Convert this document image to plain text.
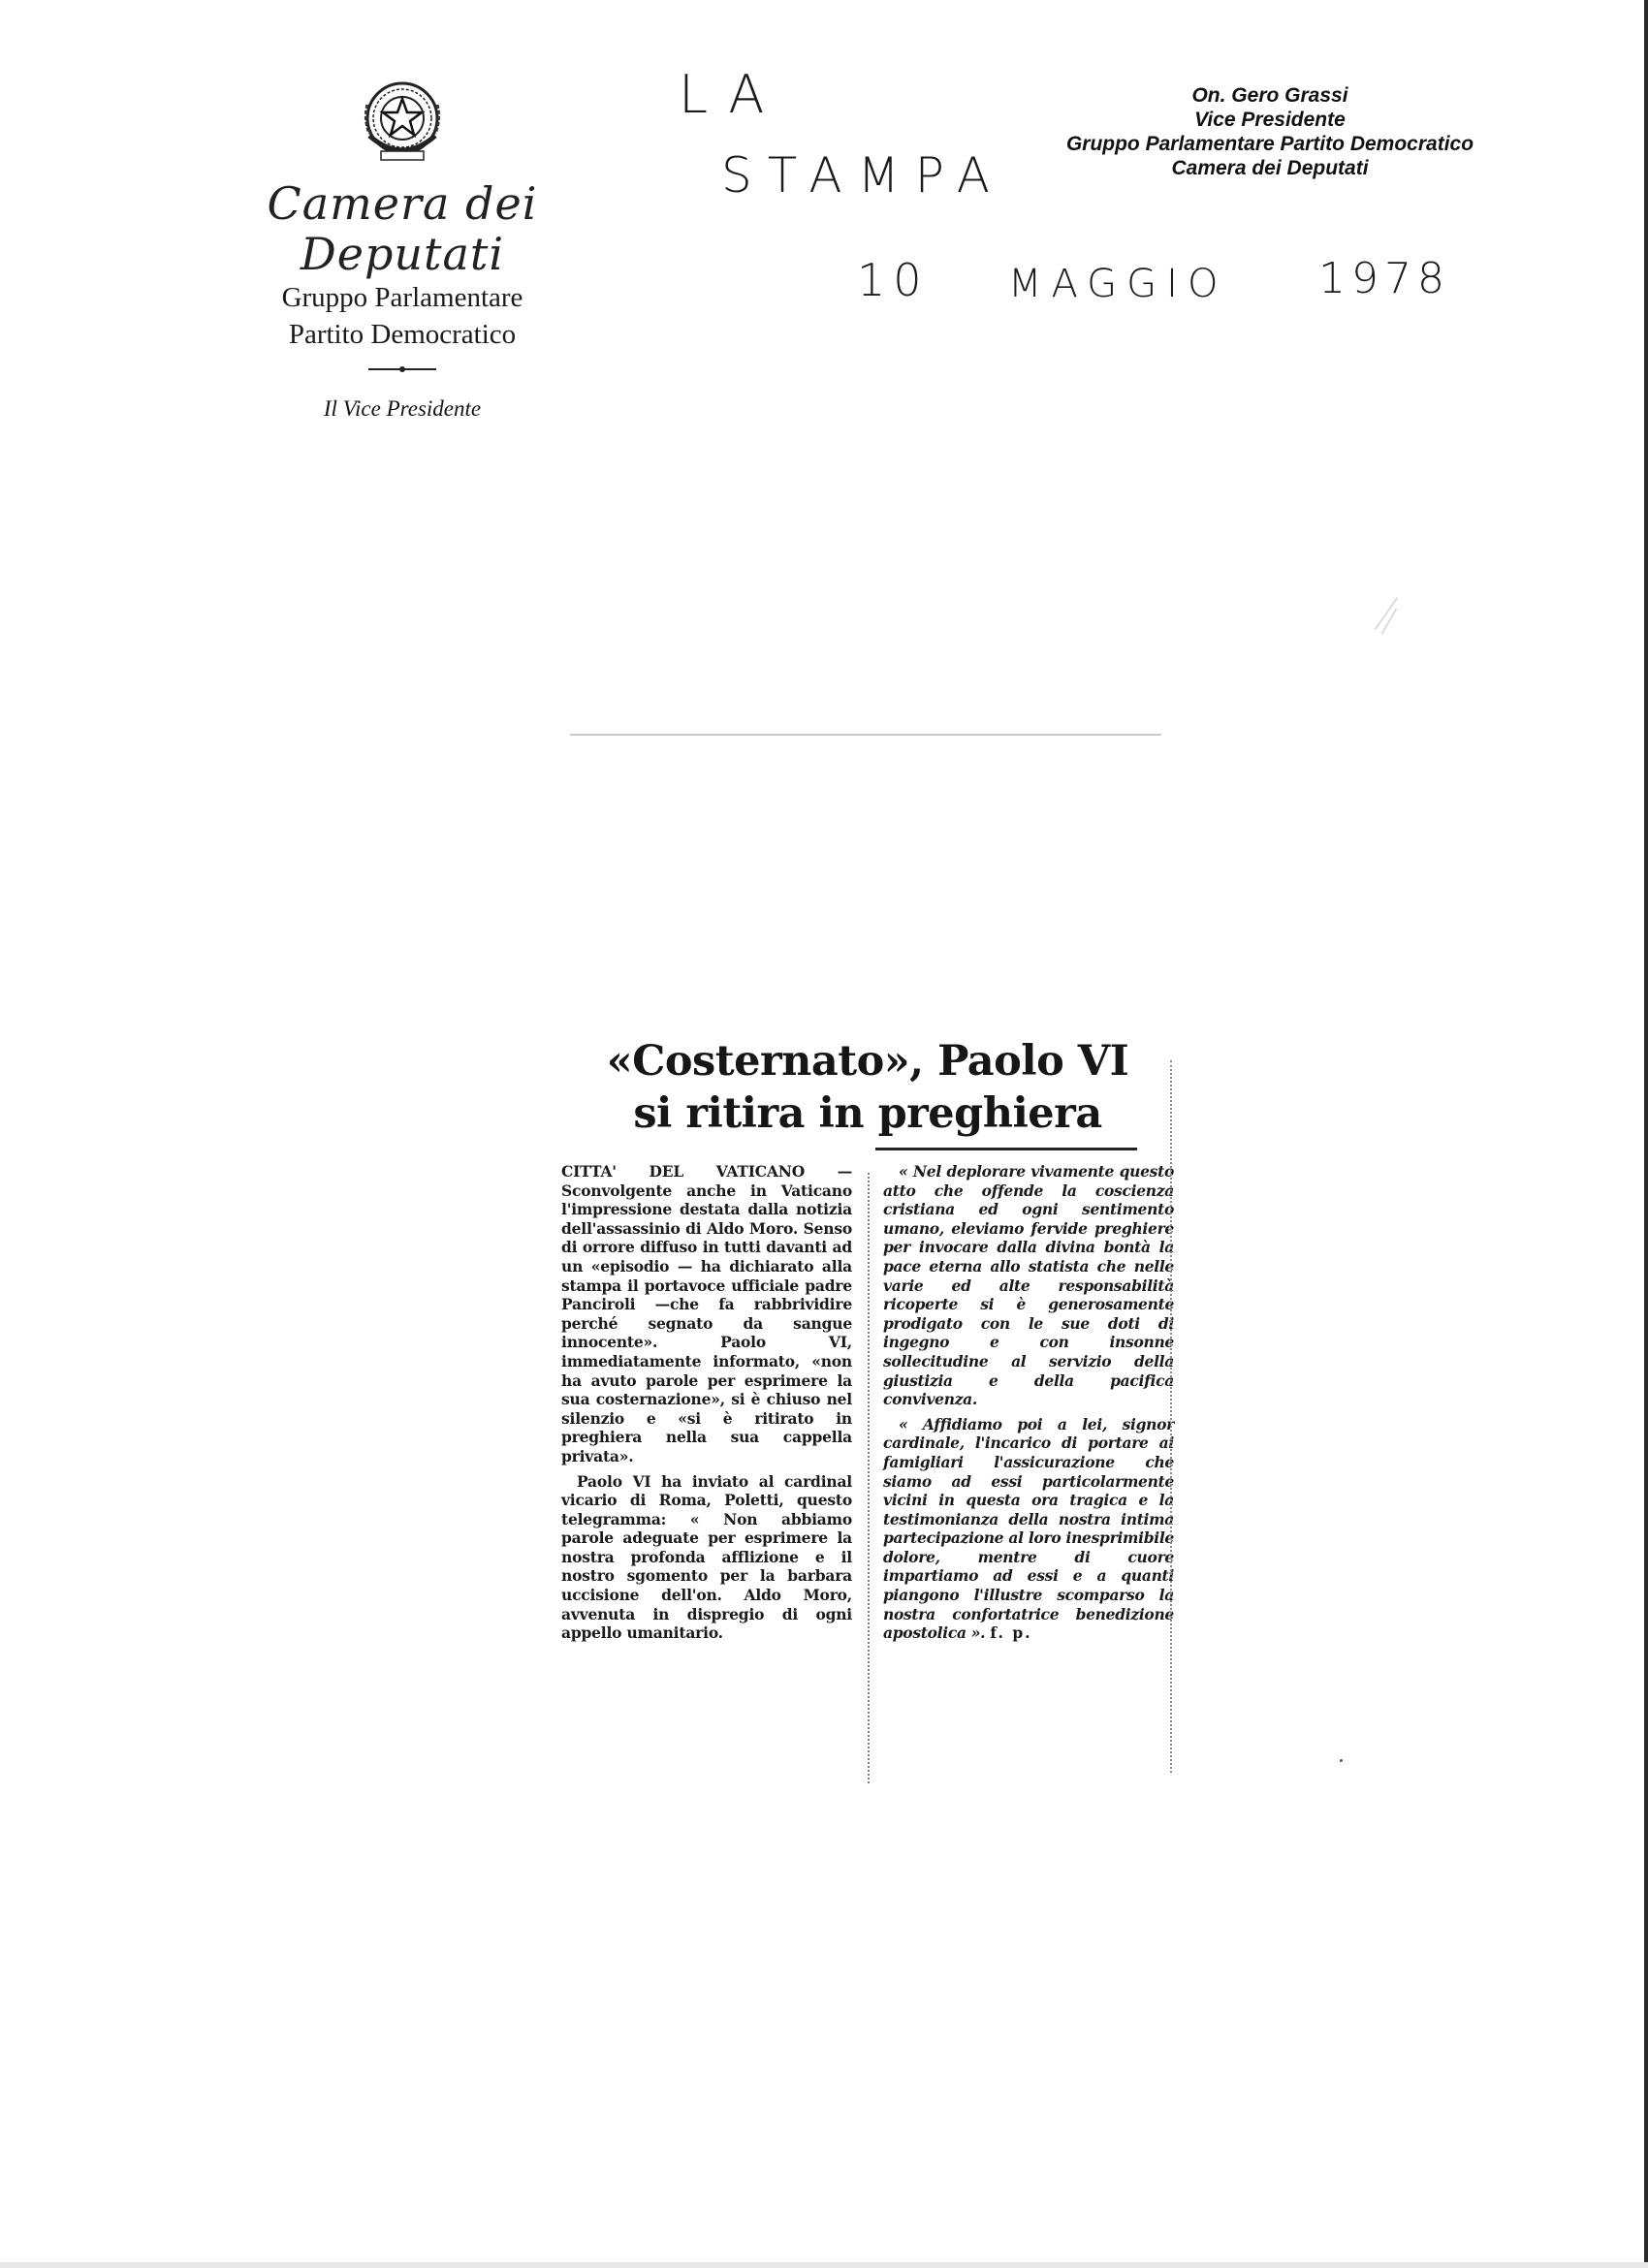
Camera dei Deputati
Gruppo Parlamentare
Partito Democratico
Il Vice Presidente
LA
STAMPA
10 MAGGIO 1978
On. Gero Grassi
Vice Presidente
Gruppo Parlamentare Partito Democratico
Camera dei Deputati
«Costernato», Paolo VI
si ritira in preghiera

CITTA' DEL VATICANO — Sconvolgente anche in Vaticano l'impressione destata dalla notizia dell'assassinio di Aldo Moro. Senso di orrore diffuso in tutti davanti ad un «episodio — ha dichiarato alla stampa il portavoce ufficiale padre Panciroli —che fa rabbrividire perché segnato da sangue innocente». Paolo VI, immediatamente informato, «non ha avuto parole per esprimere la sua costernazione», si è chiuso nel silenzio e «si è ritirato in preghiera nella sua cappella privata».

Paolo VI ha inviato al cardinal vicario di Roma, Poletti, questo telegramma: « Non abbiamo parole adeguate per esprimere la nostra profonda afflizione e il nostro sgomento per la barbara uccisione dell'on. Aldo Moro, avvenuta in dispregio di ogni appello umanitario.

« Nel deplorare vivamente questo atto che offende la coscienza cristiana ed ogni sentimento umano, eleviamo fervide preghiere per invocare dalla divina bontà la pace eterna allo statista che nelle varie ed alte responsabilità ricoperte si è generosamente prodigato con le sue doti di ingegno e con insonne sollecitudine al servizio della giustizia e della pacifica convivenza.

« Affidiamo poi a lei, signor cardinale, l'incarico di portare ai famigliari l'assicurazione che siamo ad essi particolarmente vicini in questa ora tragica e la testimonianza della nostra intima partecipazione al loro inesprimibile dolore, mentre di cuore impartiamo ad essi e a quanti piangono l'illustre scomparso la nostra confortatrice benedizione apostolica ». f. p.
